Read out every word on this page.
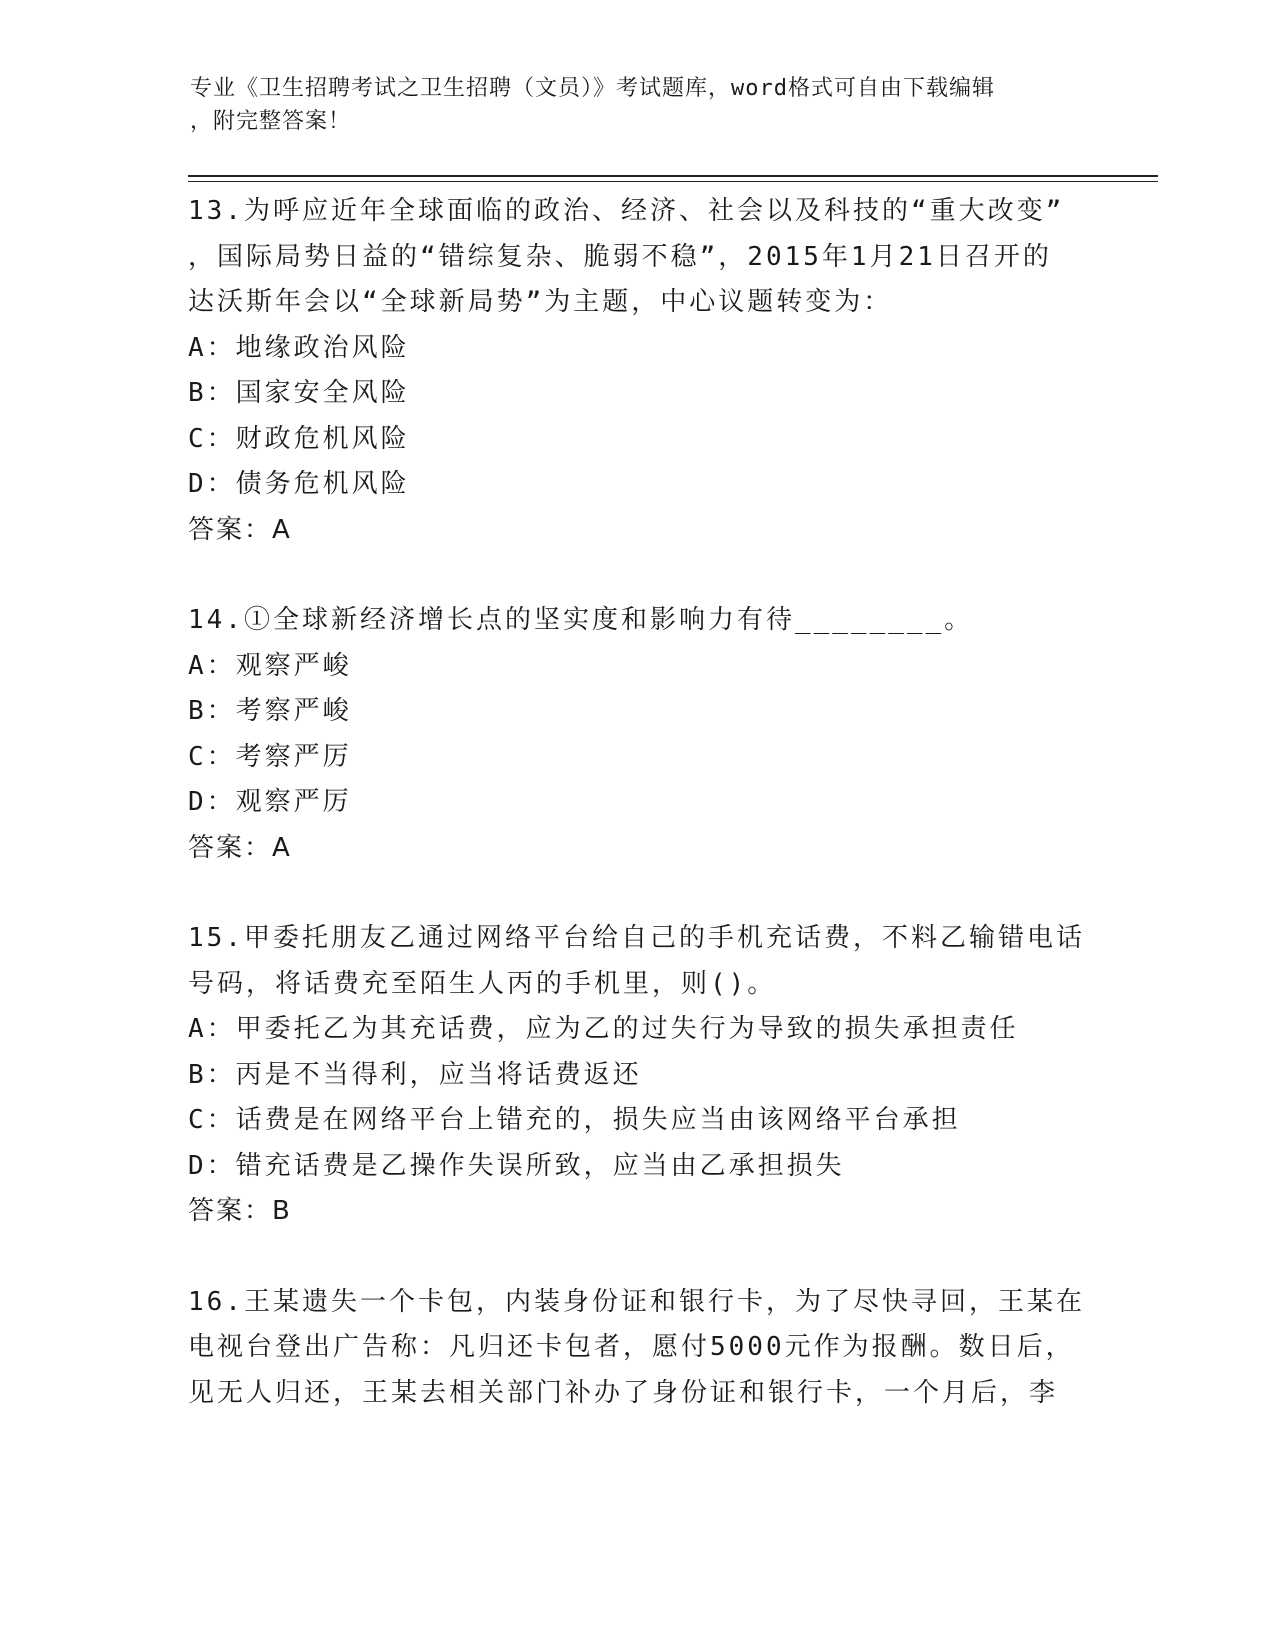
专业《卫生招聘考试之卫生招聘（文员）》考试题库，word格式可自由下载编辑
，附完整答案！
13.为呼应近年全球面临的政治、经济、社会以及科技的“重大改变”
，国际局势日益的“错综复杂、脆弱不稳”，2015年1月21日召开的
达沃斯年会以“全球新局势”为主题，中心议题转变为：
A：地缘政治风险
B：国家安全风险
C：财政危机风险
D：债务危机风险
答案：A
14.①全球新经济增长点的坚实度和影响力有待________。
A：观察严峻
B：考察严峻
C：考察严厉
D：观察严厉
答案：A
15.甲委托朋友乙通过网络平台给自己的手机充话费，不料乙输错电话
号码，将话费充至陌生人丙的手机里，则()。
A：甲委托乙为其充话费，应为乙的过失行为导致的损失承担责任
B：丙是不当得利，应当将话费返还
C：话费是在网络平台上错充的，损失应当由该网络平台承担
D：错充话费是乙操作失误所致，应当由乙承担损失
答案：B
16.王某遗失一个卡包，内装身份证和银行卡，为了尽快寻回，王某在
电视台登出广告称：凡归还卡包者，愿付5000元作为报酬。数日后，
见无人归还，王某去相关部门补办了身份证和银行卡，一个月后，李
